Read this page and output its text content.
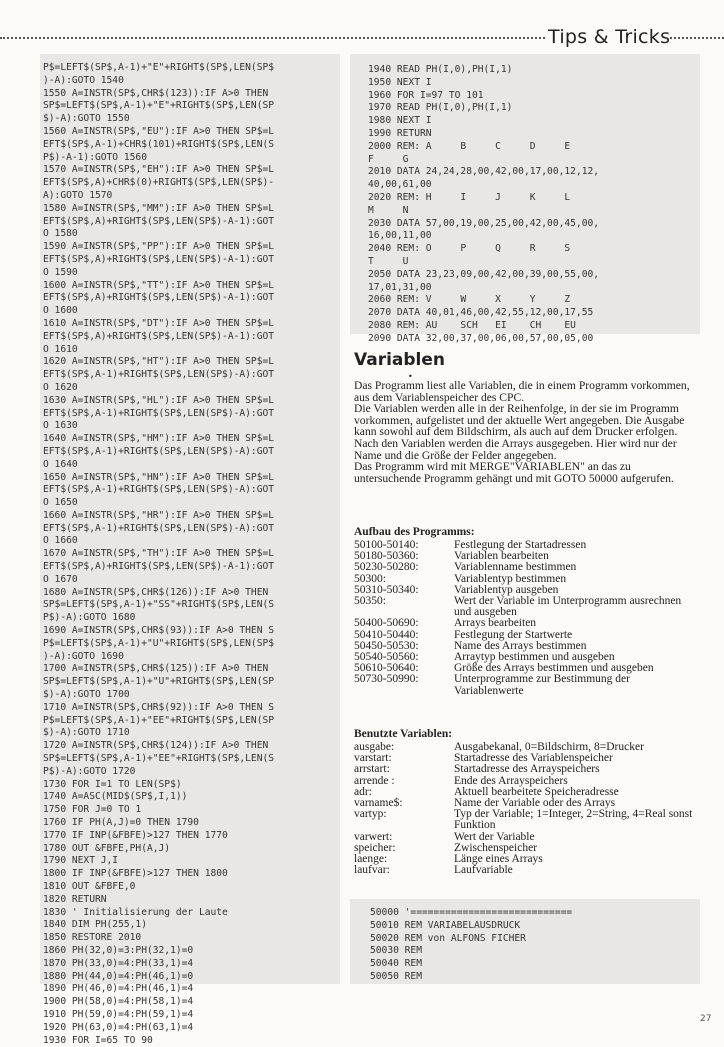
Tips & Tricks
P$=LEFT$(SP$,A-1)+"E"+RIGHT$(SP$,LEN(SP$
)-A):GOTO 1540
1550 A=INSTR(SP$,CHR$(123)):IF A>0 THEN
SP$=LEFT$(SP$,A-1)+"E"+RIGHT$(SP$,LEN(SP
$)-A):GOTO 1550
1560 A=INSTR(SP$,"EU"):IF A>0 THEN SP$=L
EFT$(SP$,A-1)+CHR$(101)+RIGHT$(SP$,LEN(S
P$)-A-1):GOTO 1560
1570 A=INSTR(SP$,"EH"):IF A>0 THEN SP$=L
EFT$(SP$,A)+CHR$(0)+RIGHT$(SP$,LEN(SP$)-
A):GOTO 1570
1580 A=INSTR(SP$,"MM"):IF A>0 THEN SP$=L
EFT$(SP$,A)+RIGHT$(SP$,LEN(SP$)-A-1):GOT
O 1580
1590 A=INSTR(SP$,"PP"):IF A>0 THEN SP$=L
EFT$(SP$,A)+RIGHT$(SP$,LEN(SP$)-A-1):GOT
O 1590
1600 A=INSTR(SP$,"TT"):IF A>0 THEN SP$=L
EFT$(SP$,A)+RIGHT$(SP$,LEN(SP$)-A-1):GOT
O 1600
1610 A=INSTR(SP$,"DT"):IF A>0 THEN SP$=L
EFT$(SP$,A)+RIGHT$(SP$,LEN(SP$)-A-1):GOT
O 1610
1620 A=INSTR(SP$,"HT"):IF A>0 THEN SP$=L
EFT$(SP$,A-1)+RIGHT$(SP$,LEN(SP$)-A):GOT
O 1620
1630 A=INSTR(SP$,"HL"):IF A>0 THEN SP$=L
EFT$(SP$,A-1)+RIGHT$(SP$,LEN(SP$)-A):GOT
O 1630
1640 A=INSTR(SP$,"HM"):IF A>0 THEN SP$=L
EFT$(SP$,A-1)+RIGHT$(SP$,LEN(SP$)-A):GOT
O 1640
1650 A=INSTR(SP$,"HN"):IF A>0 THEN SP$=L
EFT$(SP$,A-1)+RIGHT$(SP$,LEN(SP$)-A):GOT
O 1650
1660 A=INSTR(SP$,"HR"):IF A>0 THEN SP$=L
EFT$(SP$,A-1)+RIGHT$(SP$,LEN(SP$)-A):GOT
O 1660
1670 A=INSTR(SP$,"TH"):IF A>0 THEN SP$=L
EFT$(SP$,A)+RIGHT$(SP$,LEN(SP$)-A-1):GOT
O 1670
1680 A=INSTR(SP$,CHR$(126)):IF A>0 THEN
SP$=LEFT$(SP$,A-1)+"SS"+RIGHT$(SP$,LEN(S
P$)-A):GOTO 1680
1690 A=INSTR(SP$,CHR$(93)):IF A>0 THEN S
P$=LEFT$(SP$,A-1)+"U"+RIGHT$(SP$,LEN(SP$
)-A):GOTO 1690
1700 A=INSTR(SP$,CHR$(125)):IF A>0 THEN
SP$=LEFT$(SP$,A-1)+"U"+RIGHT$(SP$,LEN(SP
$)-A):GOTO 1700
1710 A=INSTR(SP$,CHR$(92)):IF A>0 THEN S
P$=LEFT$(SP$,A-1)+"EE"+RIGHT$(SP$,LEN(SP
$)-A):GOTO 1710
1720 A=INSTR(SP$,CHR$(124)):IF A>0 THEN
SP$=LEFT$(SP$,A-1)+"EE"+RIGHT$(SP$,LEN(S
P$)-A):GOTO 1720
1730 FOR I=1 TO LEN(SP$)
1740 A=ASC(MID$(SP$,I,1))
1750 FOR J=0 TO 1
1760 IF PH(A,J)=0 THEN 1790
1770 IF INP(&FBFE)>127 THEN 1770
1780 OUT &FBFE,PH(A,J)
1790 NEXT J,I
1800 IF INP(&FBFE)>127 THEN 1800
1810 OUT &FBFE,0
1820 RETURN
1830 ' Initialisierung der Laute
1840 DIM PH(255,1)
1850 RESTORE 2010
1860 PH(32,0)=3:PH(32,1)=0
1870 PH(33,0)=4:PH(33,1)=4
1880 PH(44,0)=4:PH(46,1)=0
1890 PH(46,0)=4:PH(46,1)=4
1900 PH(58,0)=4:PH(58,1)=4
1910 PH(59,0)=4:PH(59,1)=4
1920 PH(63,0)=4:PH(63,1)=4
1930 FOR I=65 TO 90
1940 READ PH(I,0),PH(I,1)
1950 NEXT I
1960 FOR I=97 TO 101
1970 READ PH(I,0),PH(I,1)
1980 NEXT I
1990 RETURN
2000 REM: A     B     C     D     E
F     G
2010 DATA 24,24,28,00,42,00,17,00,12,12,
40,00,61,00
2020 REM: H     I     J     K     L
M     N
2030 DATA 57,00,19,00,25,00,42,00,45,00,
16,00,11,00
2040 REM: O     P     Q     R     S
T     U
2050 DATA 23,23,09,00,42,00,39,00,55,00,
17,01,31,00
2060 REM: V     W     X     Y     Z
2070 DATA 40,01,46,00,42,55,12,00,17,55
2080 REM: AU    SCH   EI    CH    EU
2090 DATA 32,00,37,00,06,00,57,00,05,00
Variablen
•

Das Programm liest alle Variablen, die in einem Programm vorkommen, aus dem Variablenspeicher des CPC.

Die Variablen werden alle in der Reihenfolge, in der sie im Programm vorkommen, aufgelistet und der aktuelle Wert angegeben. Die Ausgabe kann sowohl auf dem Bildschirm, als auch auf dem Drucker erfolgen.

Nach den Variablen werden die Arrays ausgegeben. Hier wird nur der Name und die Größe der Felder angegeben.

Das Programm wird mit MERGE"VARIABLEN" an das zu untersuchende Programm gehängt und mit GOTO 50000 aufgerufen.

Aufbau des Programms:
50100-50140:	Festlegung der Startadressen
50180-50360:	Variablen bearbeiten
50230-50280:	Variablenname bestimmen
50300:	Variablentyp bestimmen
50310-50340:	Variablentyp ausgeben
50350:	Wert der Variable im Unterprogramm ausrechnen und ausgeben
50400-50690:	Arrays bearbeiten
50410-50440:	Festlegung der Startwerte
50450-50530:	Name des Arrays bestimmen
50540-50560:	Arraytyp bestimmen und ausgeben
50610-50640:	Größe des Arrays bestimmen und ausgeben
50730-50990:	Unterprogramme zur Bestimmung der Variablenwerte
Benutzte Variablen:
ausgabe:	Ausgabekanal, 0=Bildschirm, 8=Drucker
varstart:	Startadresse des Variablenspeicher
arrstart:	Startadresse des Arrayspeichers
arrende :	Ende des Arrayspeichers
adr:	Aktuell bearbeitete Speicheradresse
varname$:	Name der Variable oder des Arrays
vartyp:	Typ der Variable; 1=Integer, 2=String, 4=Real sonst Funktion
varwert:	Wert der Variable
speicher:	Zwischenspeicher
laenge:	Länge eines Arrays
laufvar:	Laufvariable
50000 '============================
50010 REM VARIABELAUSDRUCK
50020 REM von ALFONS FICHER
50030 REM
50040 REM
50050 REM
27
